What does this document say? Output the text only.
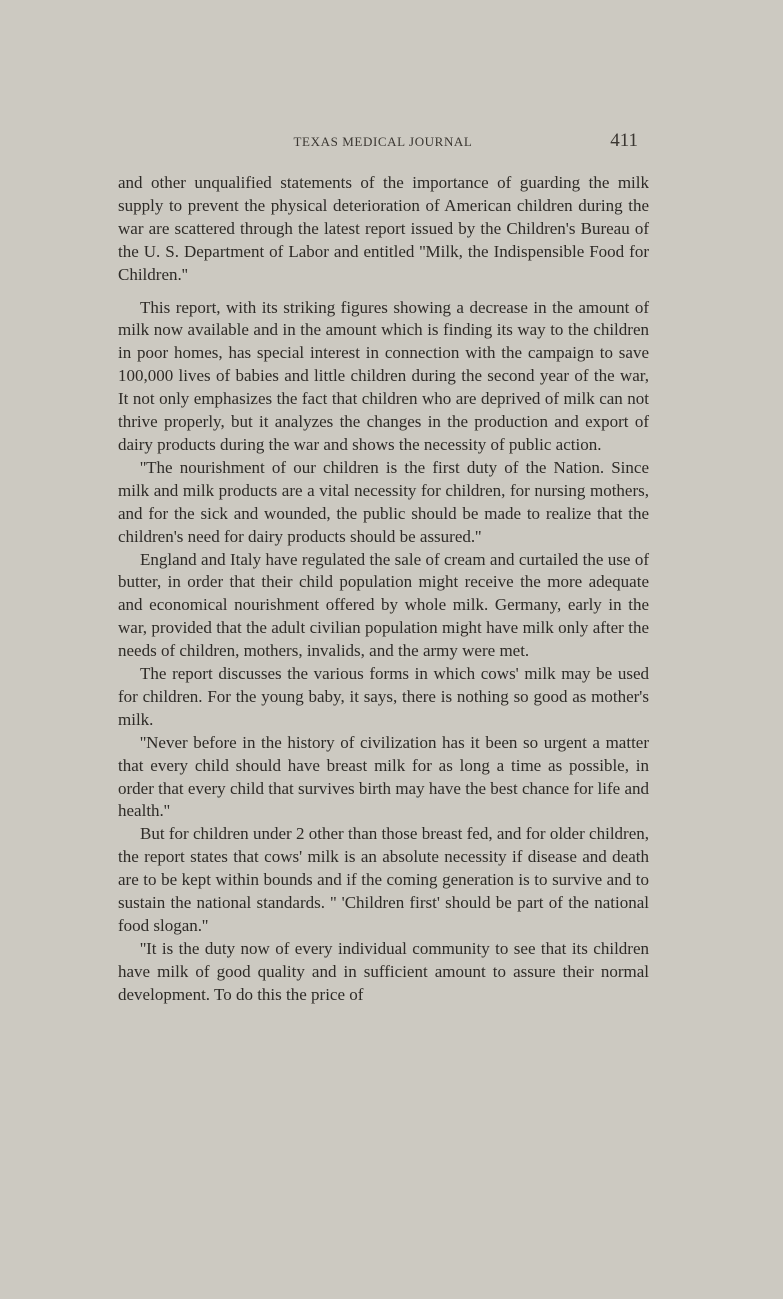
TEXAS MEDICAL JOURNAL	411

and other unqualified statements of the importance of guarding the milk supply to prevent the physical deterioration of American children during the war are scattered through the latest report issued by the Children's Bureau of the U. S. Department of Labor and entitled ''Milk, the Indispensible Food for Children.''

This report, with its striking figures showing a decrease in the amount of milk now available and in the amount which is finding its way to the children in poor homes, has special interest in connection with the campaign to save 100,000 lives of babies and little children during the second year of the war, It not only emphasizes the fact that children who are deprived of milk can not thrive properly, but it analyzes the changes in the production and export of dairy products during the war and shows the necessity of public action.

''The nourishment of our children is the first duty of the Nation. Since milk and milk products are a vital necessity for children, for nursing mothers, and for the sick and wounded, the public should be made to realize that the children's need for dairy products should be assured.''

England and Italy have regulated the sale of cream and curtailed the use of butter, in order that their child population might receive the more adequate and economical nourishment offered by whole milk. Germany, early in the war, provided that the adult civilian population might have milk only after the needs of children, mothers, invalids, and the army were met.

The report discusses the various forms in which cows' milk may be used for children. For the young baby, it says, there is nothing so good as mother's milk.

''Never before in the history of civilization has it been so urgent a matter that every child should have breast milk for as long a time as possible, in order that every child that survives birth may have the best chance for life and health.''

But for children under 2 other than those breast fed, and for older children, the report states that cows' milk is an absolute necessity if disease and death are to be kept within bounds and if the coming generation is to survive and to sustain the national standards. '' 'Children first' should be part of the national food slogan.''

''It is the duty now of every individual community to see that its children have milk of good quality and in sufficient amount to assure their normal development. To do this the price of
